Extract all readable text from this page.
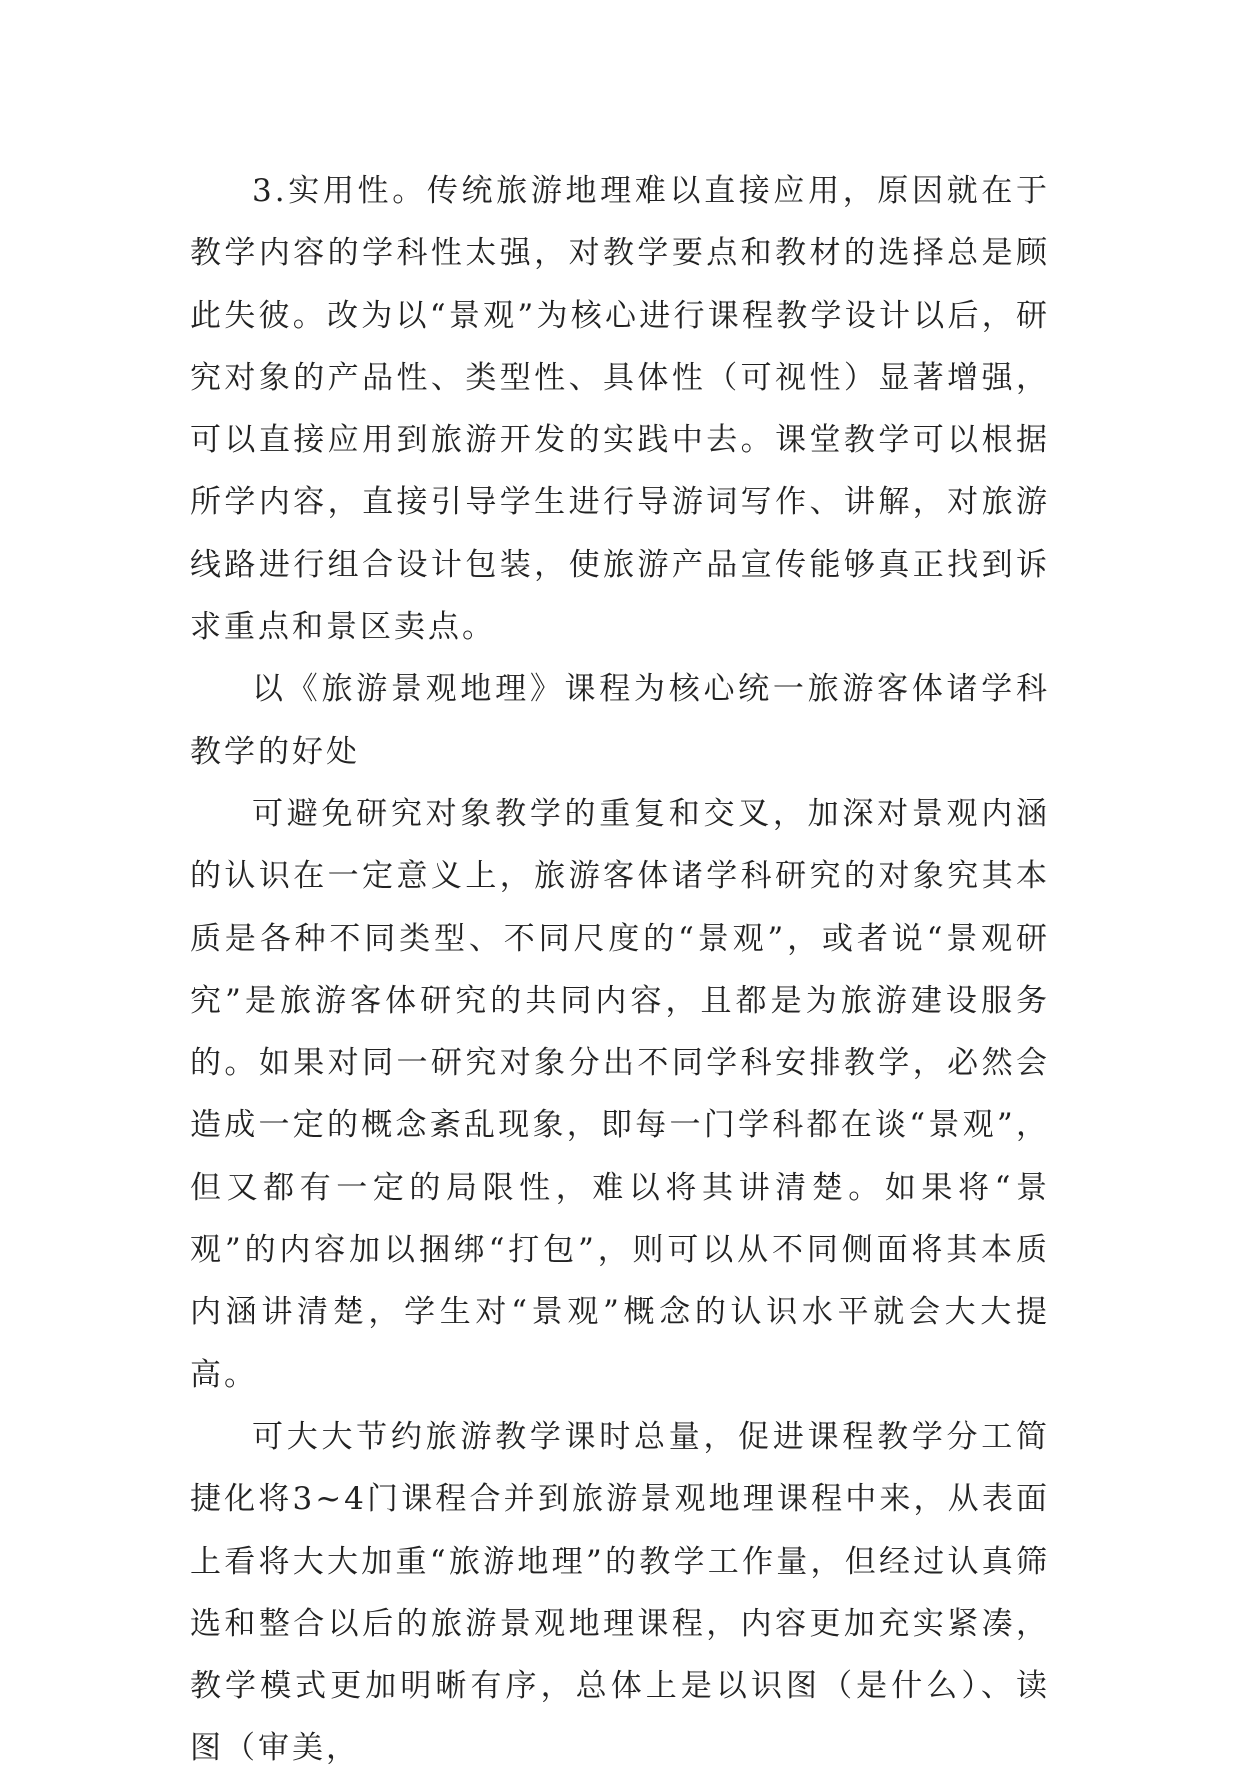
3.实用性。传统旅游地理难以直接应用，原因就在于教学内容的学科性太强，对教学要点和教材的选择总是顾此失彼。改为以“景观”为核心进行课程教学设计以后，研究对象的产品性、类型性、具体性（可视性）显著增强，可以直接应用到旅游开发的实践中去。课堂教学可以根据所学内容，直接引导学生进行导游词写作、讲解，对旅游线路进行组合设计包装，使旅游产品宣传能够真正找到诉求重点和景区卖点。

以《旅游景观地理》课程为核心统一旅游客体诸学科教学的好处

可避免研究对象教学的重复和交叉，加深对景观内涵的认识在一定意义上，旅游客体诸学科研究的对象究其本质是各种不同类型、不同尺度的“景观”，或者说“景观研究”是旅游客体研究的共同内容，且都是为旅游建设服务的。如果对同一研究对象分出不同学科安排教学，必然会造成一定的概念紊乱现象，即每一门学科都在谈“景观”，但又都有一定的局限性，难以将其讲清楚。如果将“景观”的内容加以捆绑“打包”，则可以从不同侧面将其本质内涵讲清楚，学生对“景观”概念的认识水平就会大大提高。

可大大节约旅游教学课时总量，促进课程教学分工简捷化将3~4门课程合并到旅游景观地理课程中来，从表面上看将大大加重“旅游地理”的教学工作量，但经过认真筛选和整合以后的旅游景观地理课程，内容更加充实紧凑，教学模式更加明晰有序，总体上是以识图（是什么）、读图（审美，
